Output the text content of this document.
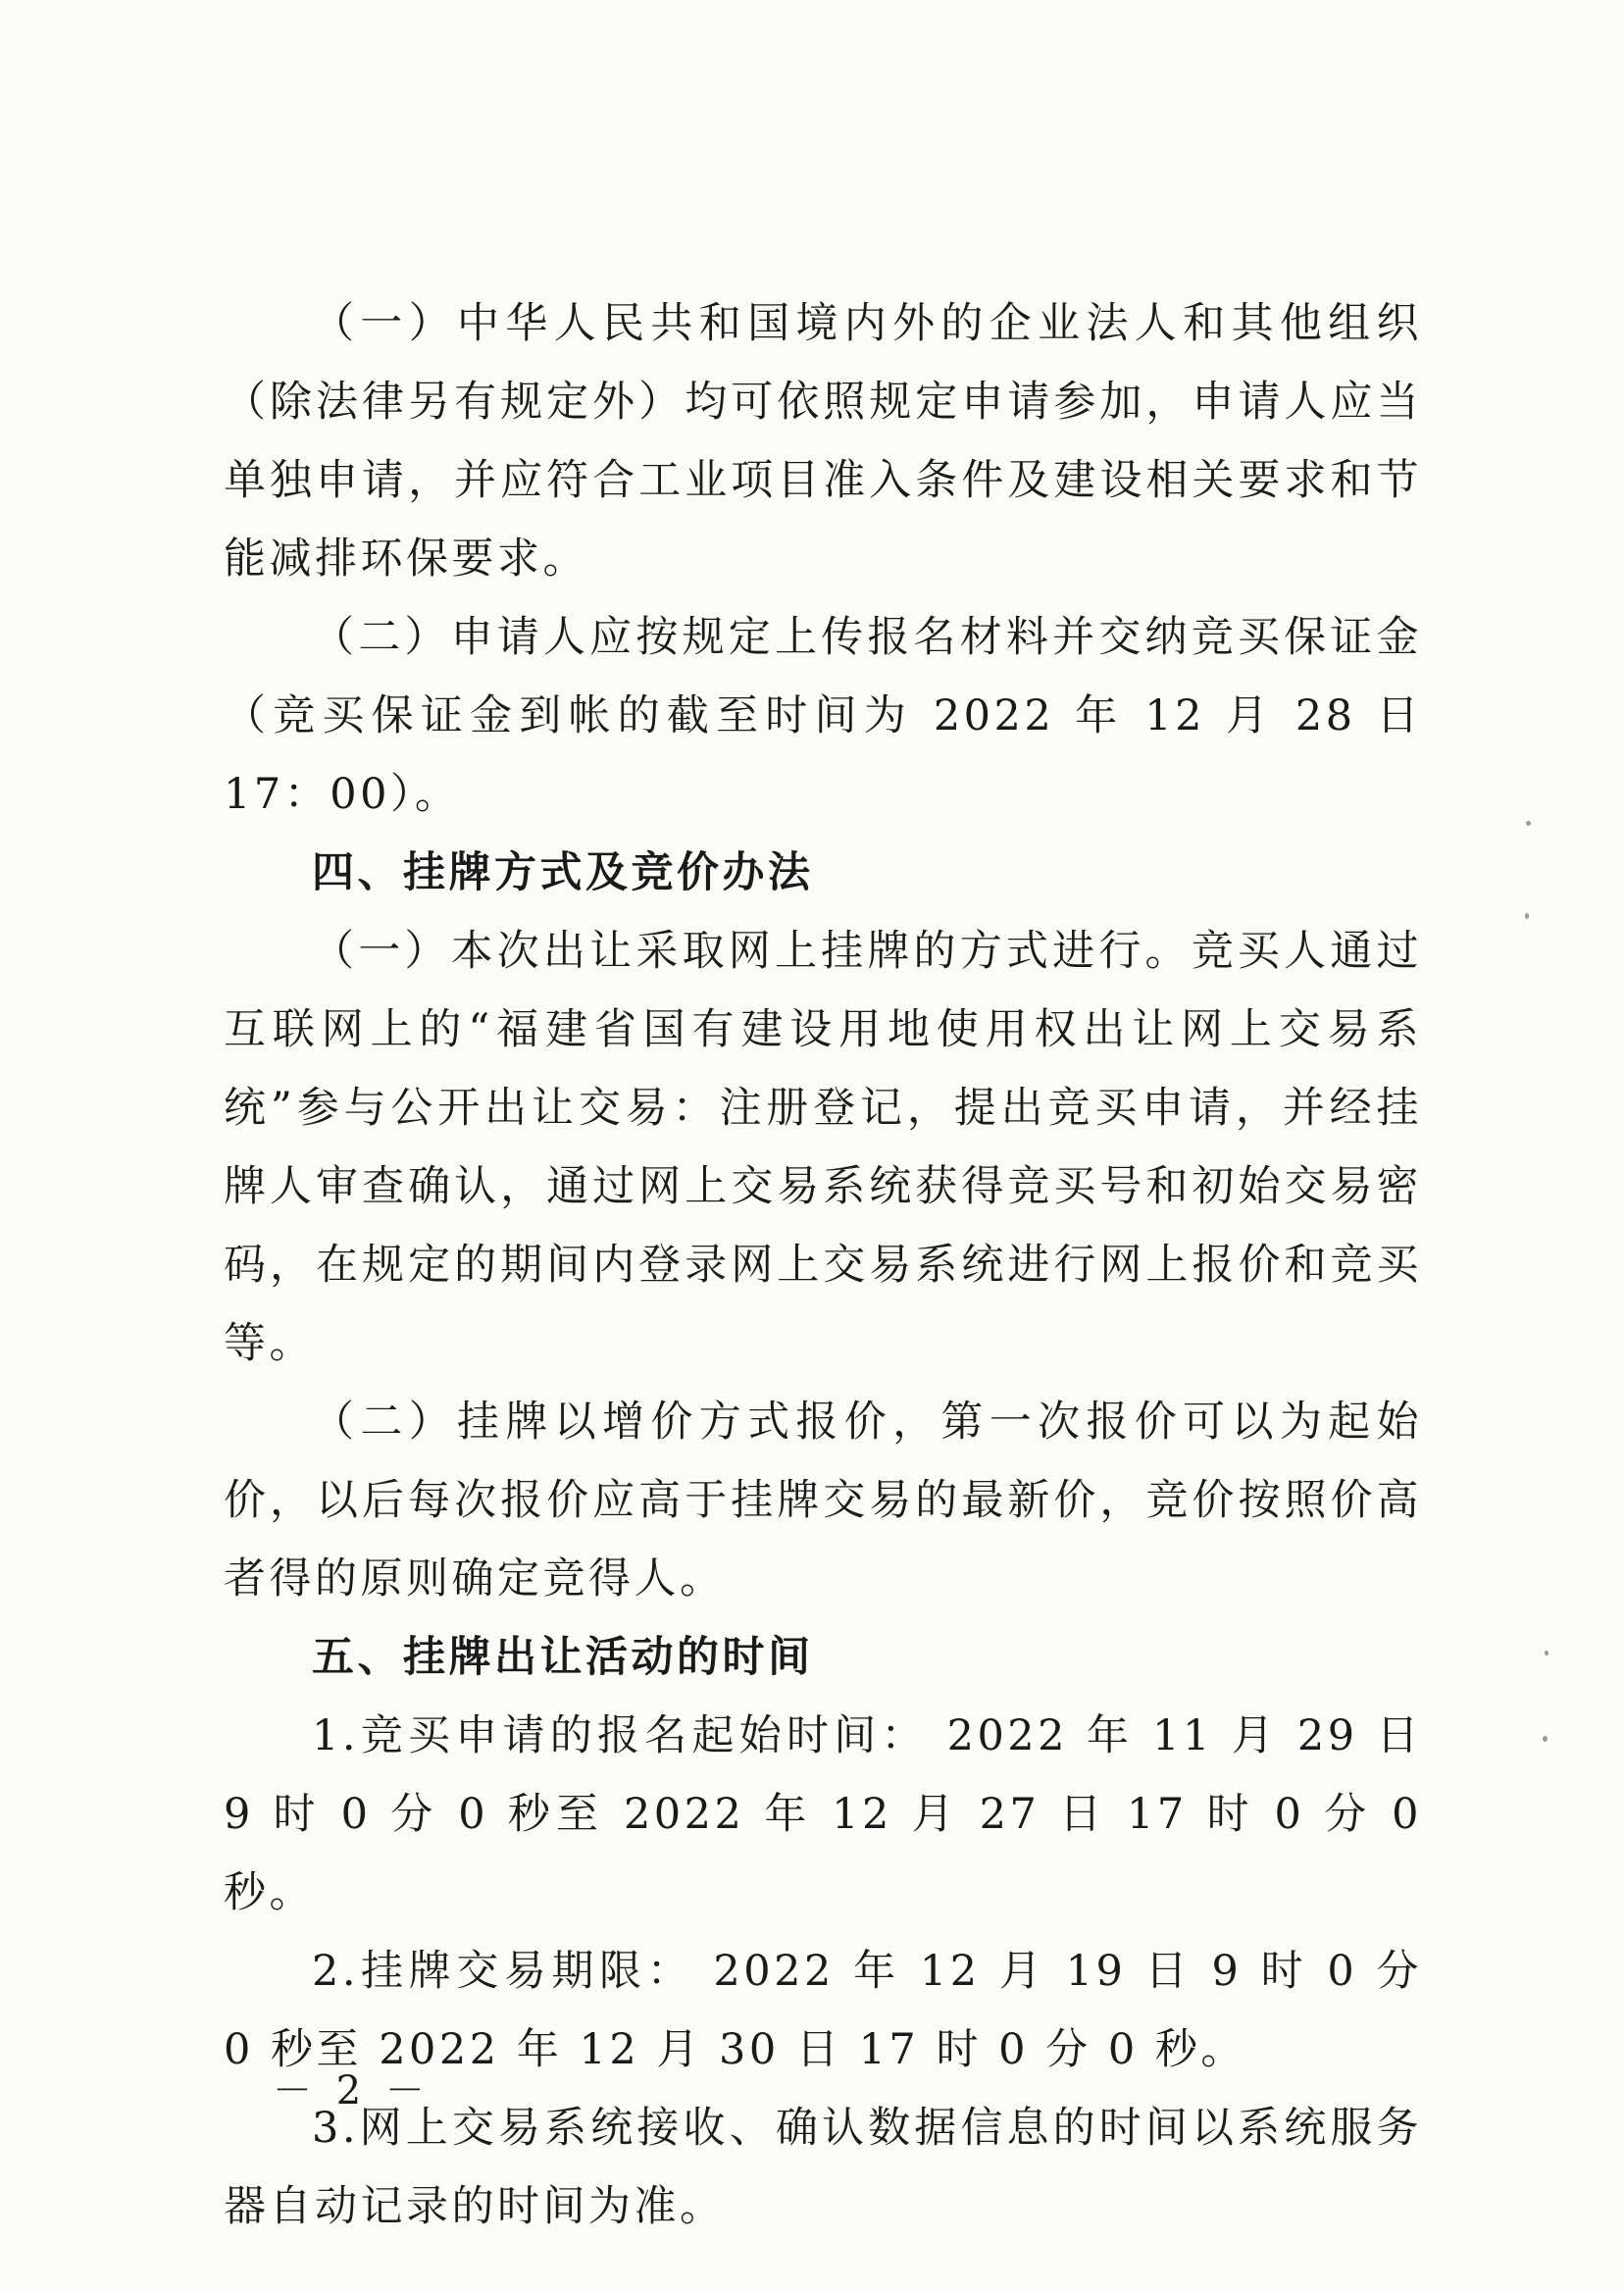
（一）中华人民共和国境内外的企业法人和其他组织（除法律另有规定外）均可依照规定申请参加，申请人应当单独申请，并应符合工业项目准入条件及建设相关要求和节能减排环保要求。

（二）申请人应按规定上传报名材料并交纳竞买保证金（竞买保证金到帐的截至时间为 2022 年 12 月 28 日 17：00）。

四、挂牌方式及竞价办法

（一）本次出让采取网上挂牌的方式进行。竞买人通过互联网上的“福建省国有建设用地使用权出让网上交易系统”参与公开出让交易：注册登记，提出竞买申请，并经挂牌人审查确认，通过网上交易系统获得竞买号和初始交易密码，在规定的期间内登录网上交易系统进行网上报价和竞买等。

（二）挂牌以增价方式报价，第一次报价可以为起始价，以后每次报价应高于挂牌交易的最新价，竞价按照价高者得的原则确定竞得人。

五、挂牌出让活动的时间

1.竞买申请的报名起始时间： 2022 年 11 月 29 日 9 时 0 分 0 秒至 2022 年 12 月 27 日 17 时 0 分 0 秒。

2.挂牌交易期限： 2022 年 12 月 19 日 9 时 0 分 0 秒至 2022 年 12 月 30 日 17 时 0 分 0 秒。

3.网上交易系统接收、确认数据信息的时间以系统服务器自动记录的时间为准。

－ 2 －
